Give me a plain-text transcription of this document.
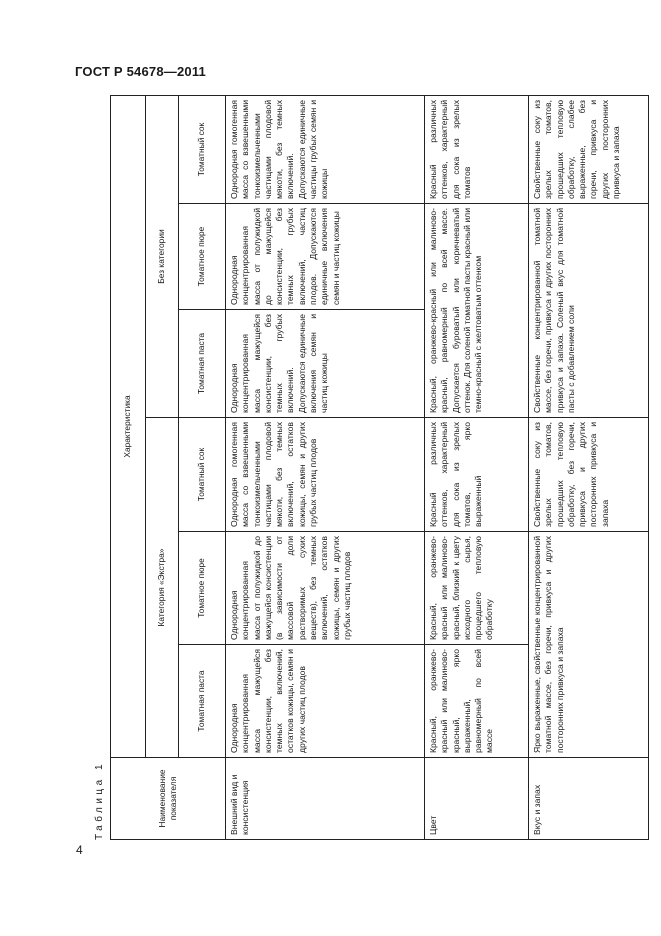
ГОСТ Р 54678—2011
Таблица 1	Наименование показателя	Характеристика					
	Категория «Экстра»			Без категории		
	Томатная паста	Томатное пюре	Томатный сок	Томатная паста	Томатное пюре	Томатный сок
Внешний вид и консистенция	Однородная концентрированная масса мажущейся консистенции, без темных включений, остатков кожицы, семян и других частиц плодов	Однородная концентрированная масса от полужидкой до мажущейся консистенции (в зависимости от массовой доли растворимых сухих веществ), без темных включений, остатков кожицы, семян и других грубых частиц плодов	Однородная гомогенная масса со взвешенными тонкоизмельченными частицами плодовой мякоти, без темных включений, остатков кожицы, семян и других грубых частиц плодов	Однородная концентрированная масса мажущейся консистенции, без темных грубых включений. Допускаются единичные включения семян и частиц кожицы	Однородная концентрированная масса от полужидкой до мажущейся консистенции, без темных грубых включений, частиц плодов. Допускаются единичные включения семян и частиц кожицы	Однородная гомогенная масса со взвешенными тонкоизмельченными частицами плодовой мякоти, без темных включений. Допускаются единичные частицы грубых семян и кожицы
Цвет	Красный, оранжево-красный или малиново-красный, ярко выраженный, равномерный по всей массе	Красный, оранжево-красный или малиново-красный, близкий к цвету исходного сырья, процедшего тепловую обработку	Красный различных оттенков, характерный для сока из зрелых томатов, ярко выраженный	Красный, оранжево-красный или малиново-красный, равномерный по всей массе. Допускается буроватый или коричневатый оттенок. Для соленой томатной пасты красный или темно-красный с желтоватым оттенком		Красный различных оттенков, характерный для сока из зрелых томатов
Вкус и запах	Ярко выраженные, свойственные концентрированной томатной массе, без горечи, привкуса и других посторонних привкуса и запаха		Свойственные соку из зрелых томатов, прошедших тепловую обработку, без горечи, привкуса и других посторонних привкуса и запаха	Свойственные концентрированной томатной массе, без горечи, привкуса и других посторонних привкуса и запаха. Соленый вкус для томатной пасты с добавлением соли		Свойственные соку из зрелых томатов, прошедших тепловую обработку, слабее выраженные, без горечи, привкуса и других посторонних привкуса и запаха
4
